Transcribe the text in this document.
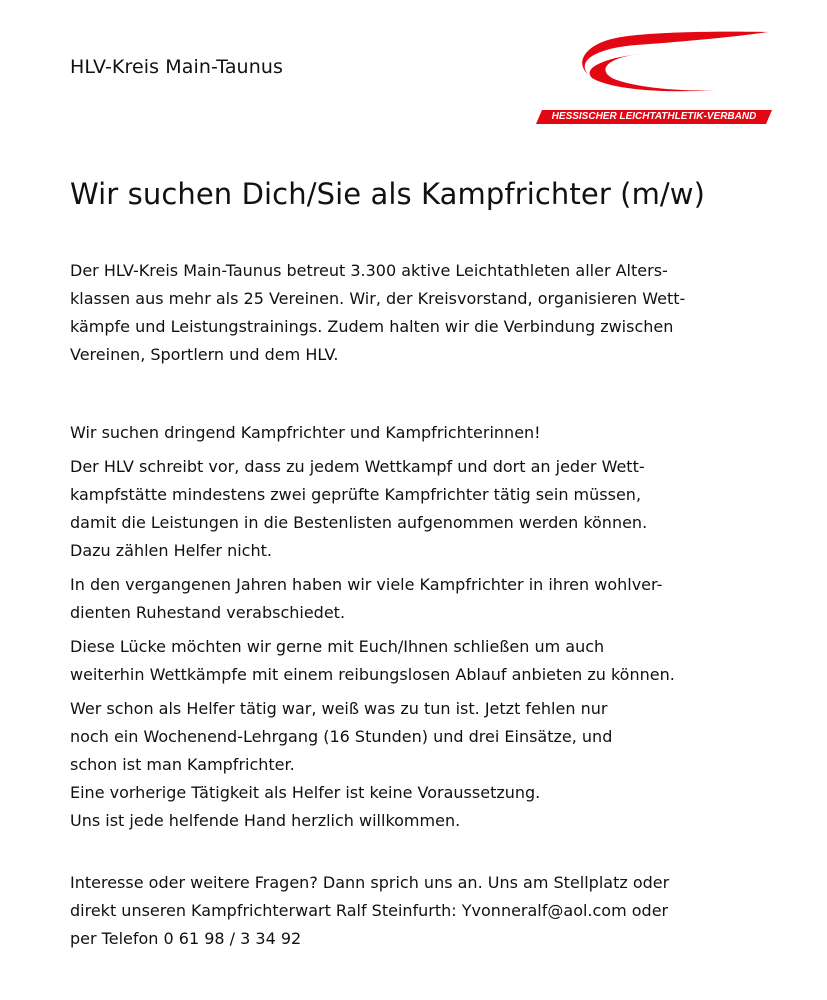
HLV-Kreis Main-Taunus
HESSISCHER LEICHTATHLETIK-VERBAND
Wir suchen Dich/Sie als Kampfrichter (m/w)

Der HLV-Kreis Main-Taunus betreut 3.300 aktive Leichtathleten aller Alters-
klassen aus mehr als 25 Vereinen. Wir, der Kreisvorstand, organisieren Wett-
kämpfe und Leistungstrainings. Zudem halten wir die Verbindung zwischen
Vereinen, Sportlern und dem HLV.

Wir suchen dringend Kampfrichter und Kampfrichterinnen!

Der HLV schreibt vor, dass zu jedem Wettkampf und dort an jeder Wett-
kampfstätte mindestens zwei geprüfte Kampfrichter tätig sein müssen,
damit die Leistungen in die Bestenlisten aufgenommen werden können.
Dazu zählen Helfer nicht.

In den vergangenen Jahren haben wir viele Kampfrichter in ihren wohlver-
dienten Ruhestand verabschiedet.

Diese Lücke möchten wir gerne mit Euch/Ihnen schließen um auch
weiterhin Wettkämpfe mit einem reibungslosen Ablauf anbieten zu können.

Wer schon als Helfer tätig war, weiß was zu tun ist. Jetzt fehlen nur
noch ein Wochenend-Lehrgang (16 Stunden) und drei Einsätze, und
schon ist man Kampfrichter.
Eine vorherige Tätigkeit als Helfer ist keine Voraussetzung.
Uns ist jede helfende Hand herzlich willkommen.

Interesse oder weitere Fragen? Dann sprich uns an. Uns am Stellplatz oder
direkt unseren Kampfrichterwart Ralf Steinfurth: Yvonneralf@aol.com oder
per Telefon 0 61 98 / 3 34 92
